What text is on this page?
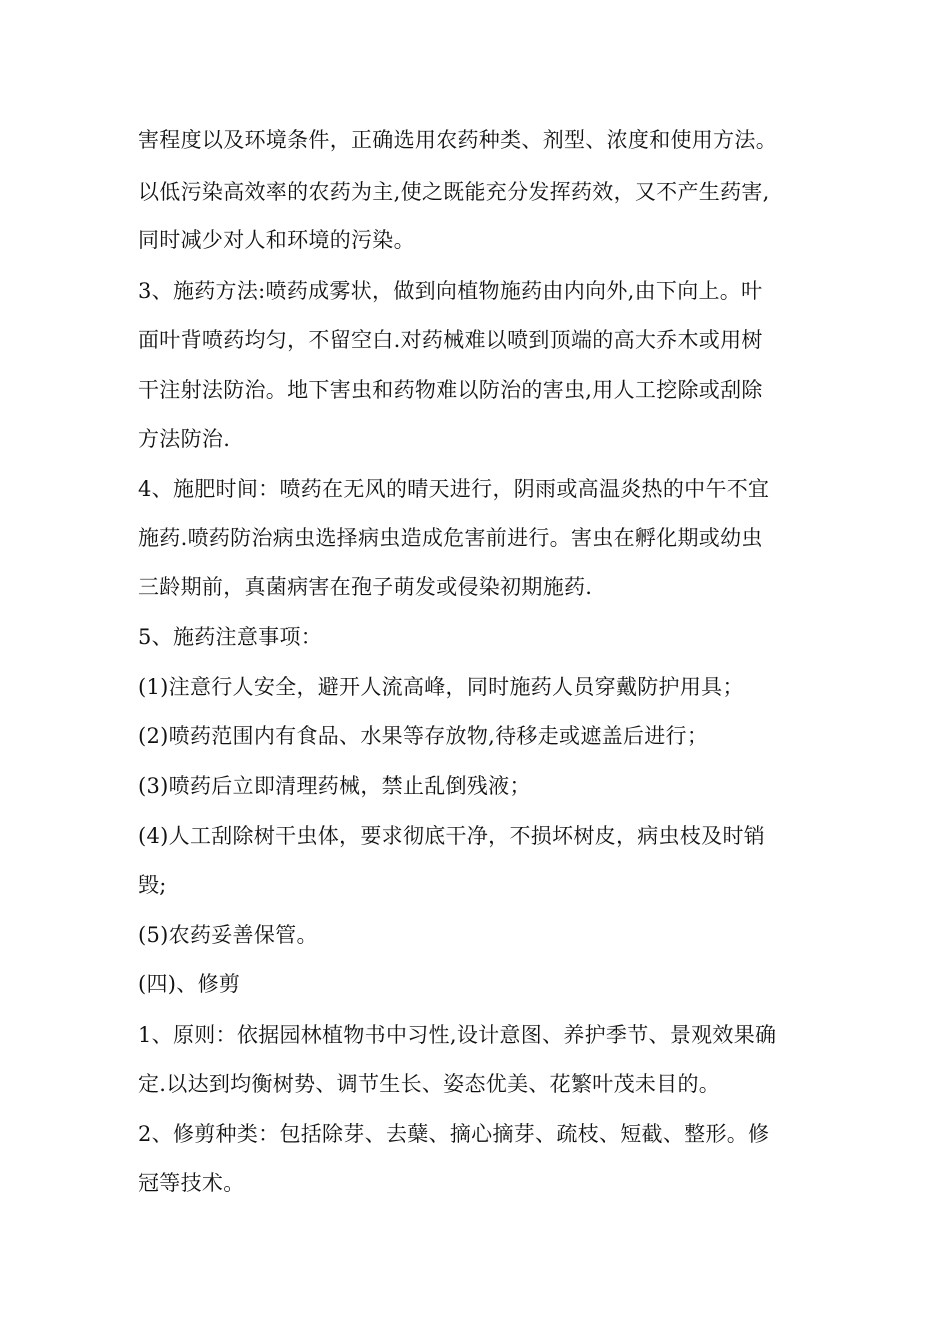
害程度以及环境条件，正确选用农药种类、剂型、浓度和使用方法。
以低污染高效率的农药为主,使之既能充分发挥药效，又不产生药害,
同时减少对人和环境的污染。
3、施药方法:喷药成雾状，做到向植物施药由内向外,由下向上。叶
面叶背喷药均匀，不留空白.对药械难以喷到顶端的高大乔木或用树
干注射法防治。地下害虫和药物难以防治的害虫,用人工挖除或刮除
方法防治.
4、施肥时间：喷药在无风的晴天进行，阴雨或高温炎热的中午不宜
施药.喷药防治病虫选择病虫造成危害前进行。害虫在孵化期或幼虫
三龄期前，真菌病害在孢子萌发或侵染初期施药.
5、施药注意事项：
(1)注意行人安全，避开人流高峰，同时施药人员穿戴防护用具；
(2)喷药范围内有食品、水果等存放物,待移走或遮盖后进行；
(3)喷药后立即清理药械，禁止乱倒残液；
(4)人工刮除树干虫体，要求彻底干净，不损坏树皮，病虫枝及时销
毁;
(5)农药妥善保管。
(四)、修剪
1、原则：依据园林植物书中习性,设计意图、养护季节、景观效果确
定.以达到均衡树势、调节生长、姿态优美、花繁叶茂未目的。
2、修剪种类：包括除芽、去蘖、摘心摘芽、疏枝、短截、整形。修
冠等技术。
